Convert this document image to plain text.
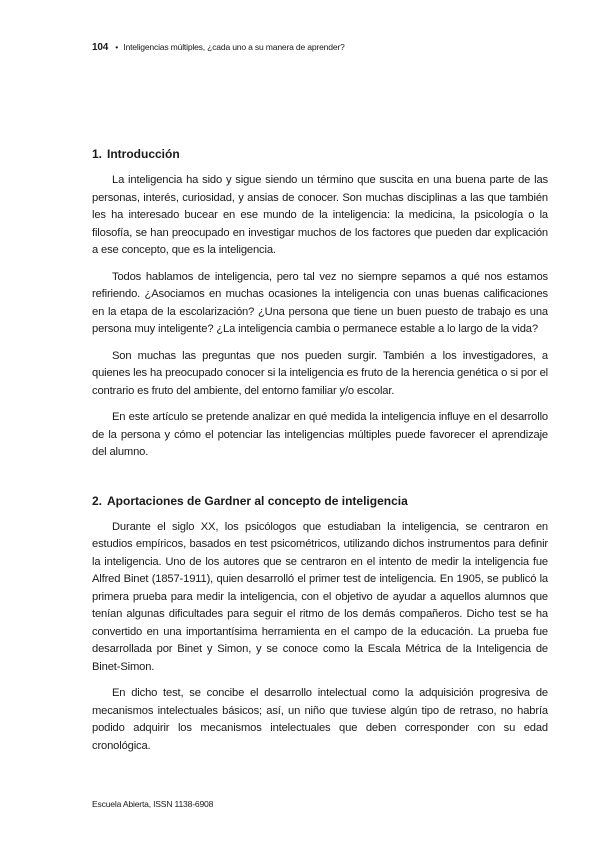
104 • Inteligencias múltiples, ¿cada uno a su manera de aprender?
1. Introducción

La inteligencia ha sido y sigue siendo un término que suscita en una buena parte de las personas, interés, curiosidad, y ansias de conocer. Son muchas disciplinas a las que también les ha interesado bucear en ese mundo de la inteligencia: la medicina, la psicología o la filosofía, se han preocupado en investigar muchos de los factores que pueden dar explicación a ese concepto, que es la inteligencia.

Todos hablamos de inteligencia, pero tal vez no siempre sepamos a qué nos estamos refiriendo. ¿Asociamos en muchas ocasiones la inteligencia con unas buenas calificaciones en la etapa de la escolarización? ¿Una persona que tiene un buen puesto de trabajo es una persona muy inteligente? ¿La inteligencia cambia o permanece estable a lo largo de la vida?

Son muchas las preguntas que nos pueden surgir. También a los investigadores, a quienes les ha preocupado conocer si la inteligencia es fruto de la herencia genética o si por el contrario es fruto del ambiente, del entorno familiar y/o escolar.

En este artículo se pretende analizar en qué medida la inteligencia influye en el desarrollo de la persona y cómo el potenciar las inteligencias múltiples puede favorecer el aprendizaje del alumno.

2. Aportaciones de Gardner al concepto de inteligencia

Durante el siglo XX, los psicólogos que estudiaban la inteligencia, se centraron en estudios empíricos, basados en test psicométricos, utilizando dichos instrumentos para definir la inteligencia. Uno de los autores que se centraron en el intento de medir la inteligencia fue Alfred Binet (1857-1911), quien desarrolló el primer test de inteligencia. En 1905, se publicó la primera prueba para medir la inteligencia, con el objetivo de ayudar a aquellos alumnos que tenían algunas dificultades para seguir el ritmo de los demás compañeros. Dicho test se ha convertido en una importantísima herramienta en el campo de la educación. La prueba fue desarrollada por Binet y Simon, y se conoce como la Escala Métrica de la Inteligencia de Binet-Simon.

En dicho test, se concibe el desarrollo intelectual como la adquisición progresiva de mecanismos intelectuales básicos; así, un niño que tuviese algún tipo de retraso, no habría podido adquirir los mecanismos intelectuales que deben corresponder con su edad cronológica.

Escuela Abierta, ISSN 1138-6908
